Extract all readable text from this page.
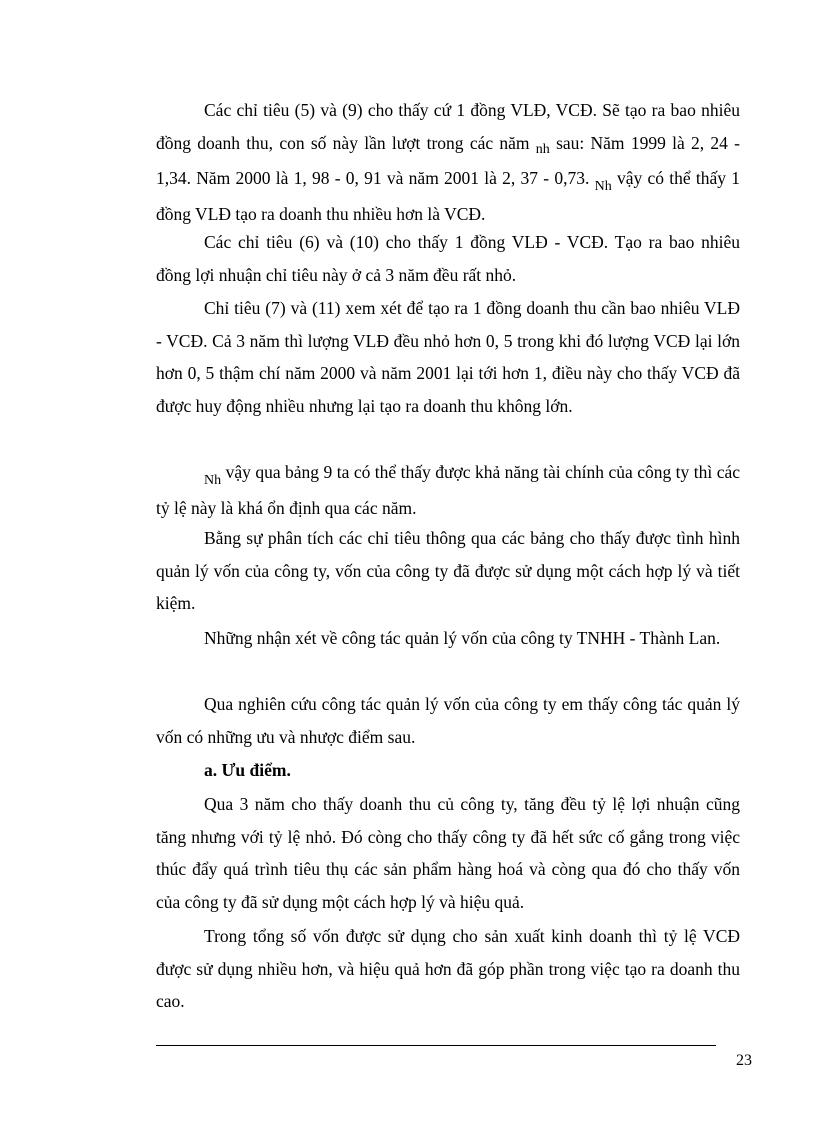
Các chỉ tiêu (5) và (9) cho thấy cứ 1 đồng VLĐ, VCĐ. Sẽ tạo ra bao nhiêu đồng doanh thu, con số này lần lượt trong các năm $_{nh}$ sau: Năm 1999 là 2, 24 - 1,34. Năm 2000 là 1, 98 - 0, 91 và năm 2001 là 2, 37 - 0,73. $_{Nh}$ vậy có thể thấy 1 đồng VLĐ tạo ra doanh thu nhiều hơn là VCĐ.

Các chỉ tiêu (6) và (10) cho thấy 1 đồng VLĐ - VCĐ. Tạo ra bao nhiêu đồng lợi nhuận chỉ tiêu này ở cả 3 năm đều rất nhỏ.

Chỉ tiêu (7) và (11) xem xét để tạo ra 1 đồng doanh thu cần bao nhiêu VLĐ - VCĐ. Cả 3 năm thì lượng VLĐ đều nhỏ hơn 0, 5 trong khi đó lượng VCĐ lại lớn hơn 0, 5 thậm chí năm 2000 và năm 2001 lại tới hơn 1, điều này cho thấy VCĐ đã được huy động nhiều nhưng lại tạo ra doanh thu không lớn.

$_{Nh}$ vậy qua bảng 9 ta có thể thấy được khả năng tài chính của công ty thì các tỷ lệ này là khá ổn định qua các năm.

Bằng sự phân tích các chỉ tiêu thông qua các bảng cho thấy được tình hình quản lý vốn của công ty, vốn của công ty đã được sử dụng một cách hợp lý và tiết kiệm.

Những nhận xét về công tác quản lý vốn của công ty TNHH - Thành Lan.

Qua nghiên cứu công tác quản lý vốn của công ty em thấy công tác quản lý vốn có những ưu và nhược điểm sau.

a. Ưu điểm.

Qua 3 năm cho thấy doanh thu củ công ty, tăng đều tỷ lệ lợi nhuận cũng tăng nhưng với tỷ lệ nhỏ. Đó còng cho thấy công ty đã hết sức cố gắng trong việc thúc đẩy quá trình tiêu thụ các sản phẩm hàng hoá và còng qua đó cho thấy vốn của công ty đã sử dụng một cách hợp lý và hiệu quả.

Trong tổng số vốn được sử dụng cho sản xuất kinh doanh thì tỷ lệ VCĐ được sử dụng nhiều hơn, và hiệu quả hơn đã góp phần trong việc tạo ra doanh thu cao.

23
